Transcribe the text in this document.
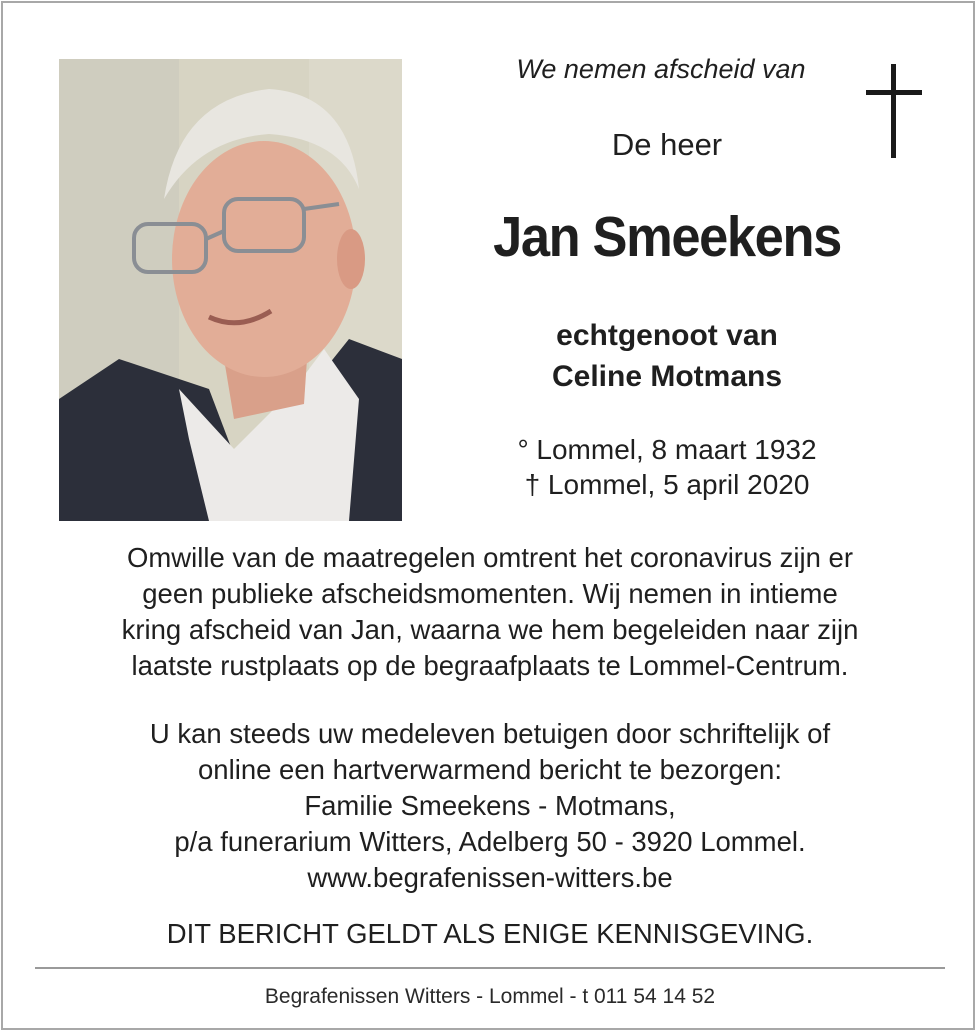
We nemen afscheid van
De heer
Jan Smeekens
echtgenoot van
Celine Motmans
° Lommel, 8 maart 1932
† Lommel, 5 april 2020
Omwille van de maatregelen omtrent het coronavirus zijn er
geen publieke afscheidsmomenten. Wij nemen in intieme
kring afscheid van Jan, waarna we hem begeleiden naar zijn
laatste rustplaats op de begraafplaats te Lommel-Centrum.
U kan steeds uw medeleven betuigen door schriftelijk of
online een hartverwarmend bericht te bezorgen:
Familie Smeekens - Motmans,
p/a funerarium Witters, Adelberg 50 - 3920 Lommel.
www.begrafenissen-witters.be
DIT BERICHT GELDT ALS ENIGE KENNISGEVING.
Begrafenissen Witters - Lommel - t 011 54 14 52
